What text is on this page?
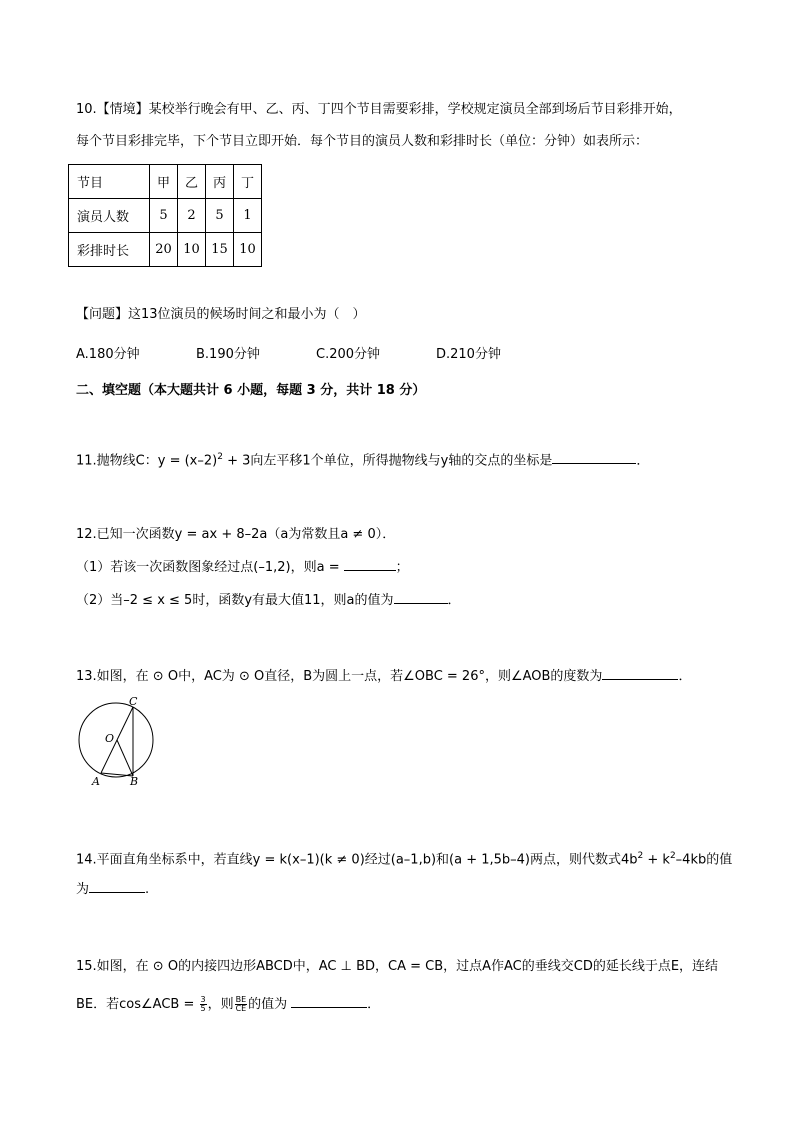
10.【情境】某校举行晚会有甲、乙、丙、丁四个节目需要彩排，学校规定演员全部到场后节目彩排开始，
每个节目彩排完毕，下个节目立即开始．每个节目的演员人数和彩排时长（单位：分钟）如表所示：
节目	甲	乙	丙	丁
演员人数	5	2	5	1
彩排时长	20	10	15	10
【问题】这13位演员的候场时间之和最小为（　）
A.180分钟	B.190分钟	C.200分钟	D.210分钟
二、填空题（本大题共计 6 小题，每题 3 分，共计 18 分）
11.抛物线C：$y = (x-2)^2 + 3$向左平移1个单位，所得抛物线与y轴的交点的坐标是	．
12.已知一次函数y = ax + 8–2a（a为常数且a ≠ 0）．
（1）若该一次函数图象经过点(–1,2)，则a =	；
（2）当–2 ≤ x ≤ 5时，函数y有最大值11，则a的值为	．
13.如图，在 ⊙ O中，AC为 ⊙ O直径，B为圆上一点，若∠OBC = 26°，则∠AOB的度数为	．
C
O
A	B
14.平面直角坐标系中，若直线y = k(x–1)(k ≠ 0)经过(a–1,b)和(a + 1,5b–4)两点，则代数式$4b^2 + k^2-4kb$的值
为	.
15.如图，在 ⊙ O的内接四边形ABCD中，AC ⊥ BD，CA = CB，过点A作AC的垂线交CD的延长线于点E，连结
BE．若cos∠ACB = $\frac{3}{5}$ ，则 $\frac{BE}{CE}$ 的值为	．
